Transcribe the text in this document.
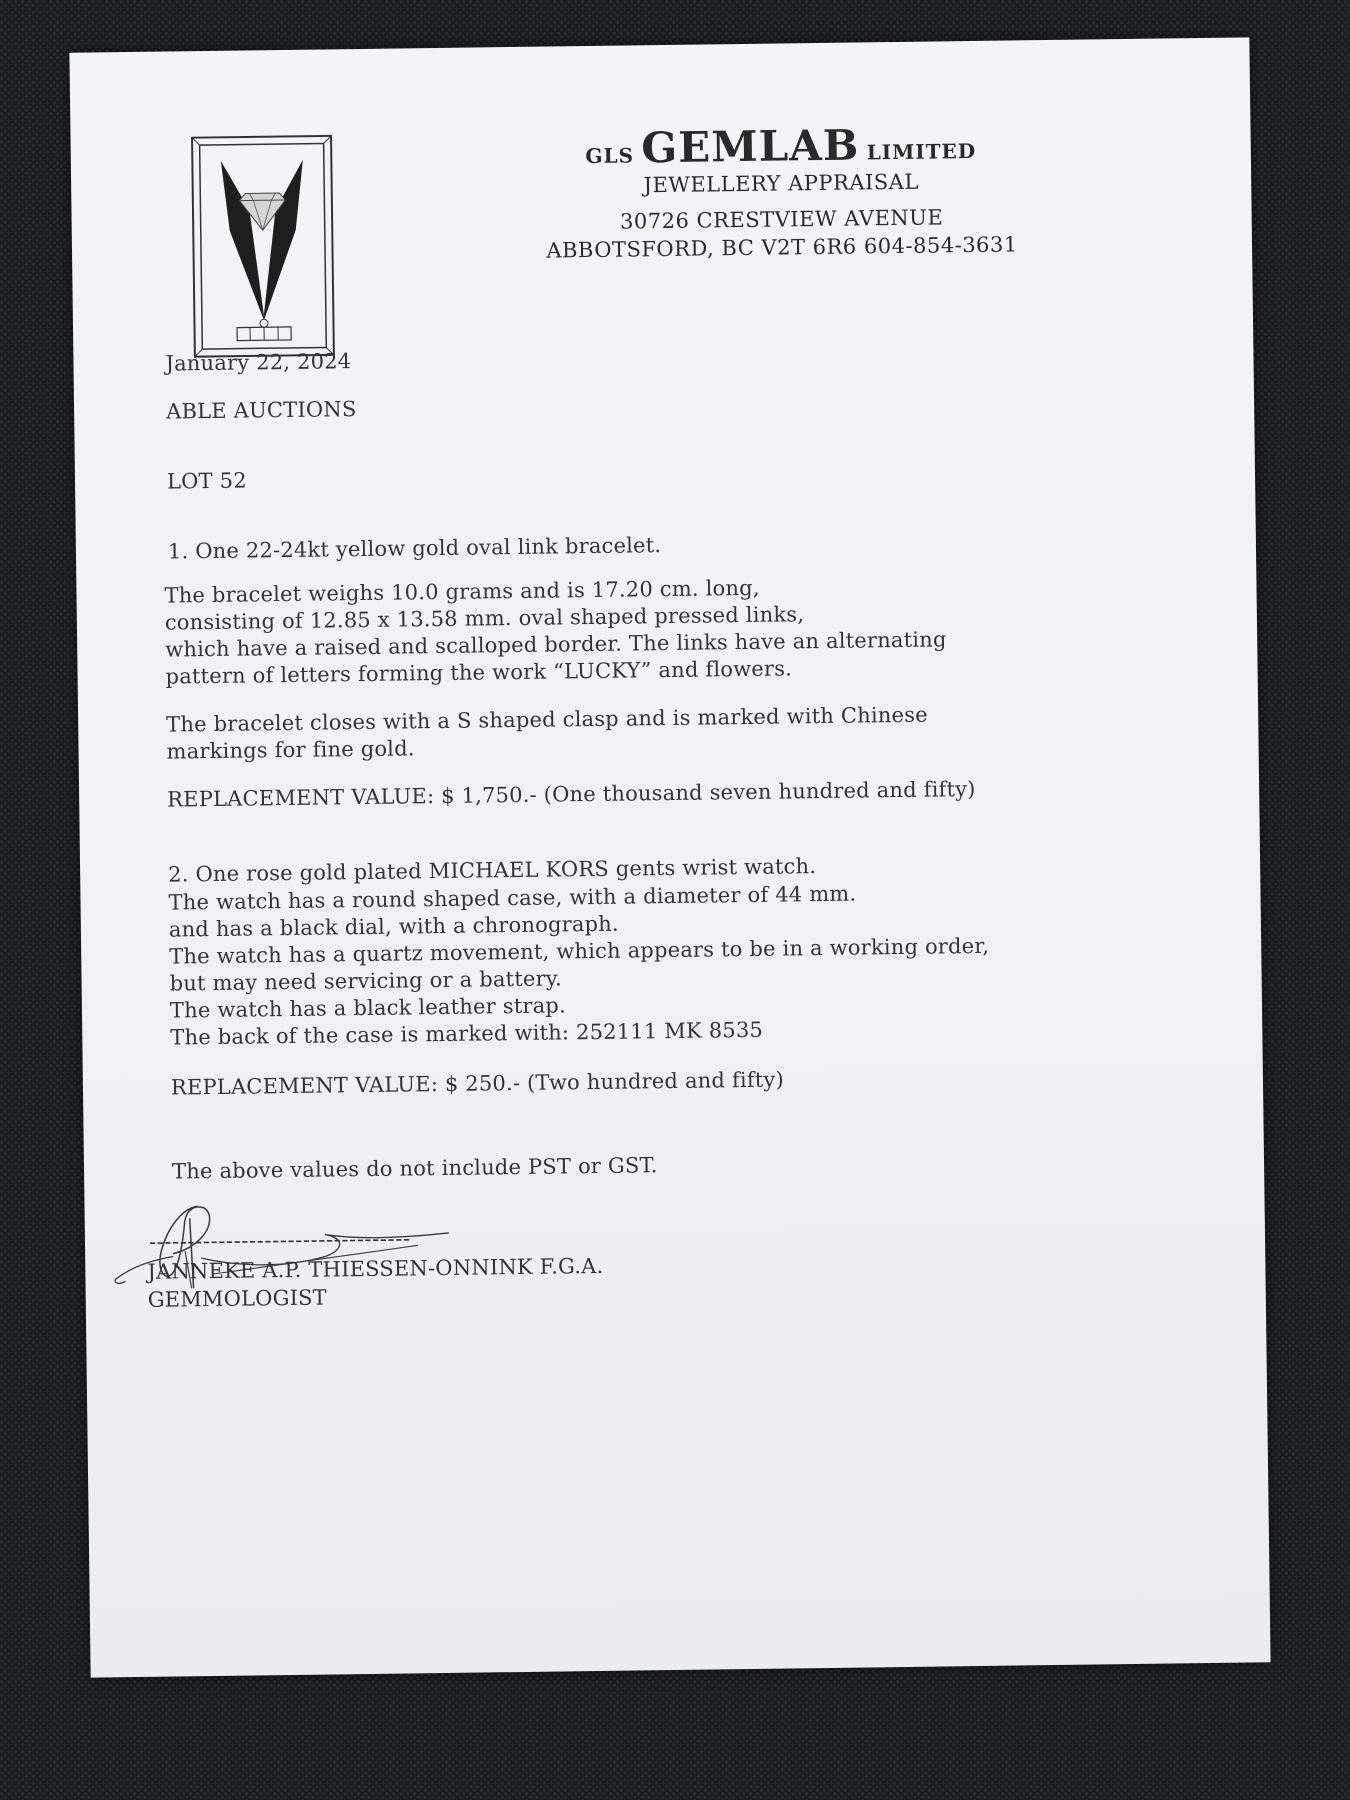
GLS GEMLAB LIMITED
JEWELLERY APPRAISAL
30726 CRESTVIEW AVENUE
ABBOTSFORD, BC V2T 6R6 604-854-3631

January 22, 2024

ABLE AUCTIONS

LOT 52

1. One 22-24kt yellow gold oval link bracelet.

The bracelet weighs 10.0 grams and is 17.20 cm. long,

consisting of 12.85 x 13.58 mm. oval shaped pressed links,

which have a raised and scalloped border. The links have an alternating

pattern of letters forming the work “LUCKY” and flowers.

The bracelet closes with a S shaped clasp and is marked with Chinese

markings for fine gold.

REPLACEMENT VALUE: $ 1,750.- (One thousand seven hundred and fifty)

2. One rose gold plated MICHAEL KORS gents wrist watch.

The watch has a round shaped case, with a diameter of 44 mm.

and has a black dial, with a chronograph.

The watch has a quartz movement, which appears to be in a working order,

but may need servicing or a battery.

The watch has a black leather strap.

The back of the case is marked with: 252111 MK 8535

REPLACEMENT VALUE: $ 250.- (Two hundred and fifty)

The above values do not include PST or GST.

----------------------------------

JANNEKE A.P. THIESSEN-ONNINK F.G.A.

GEMMOLOGIST
